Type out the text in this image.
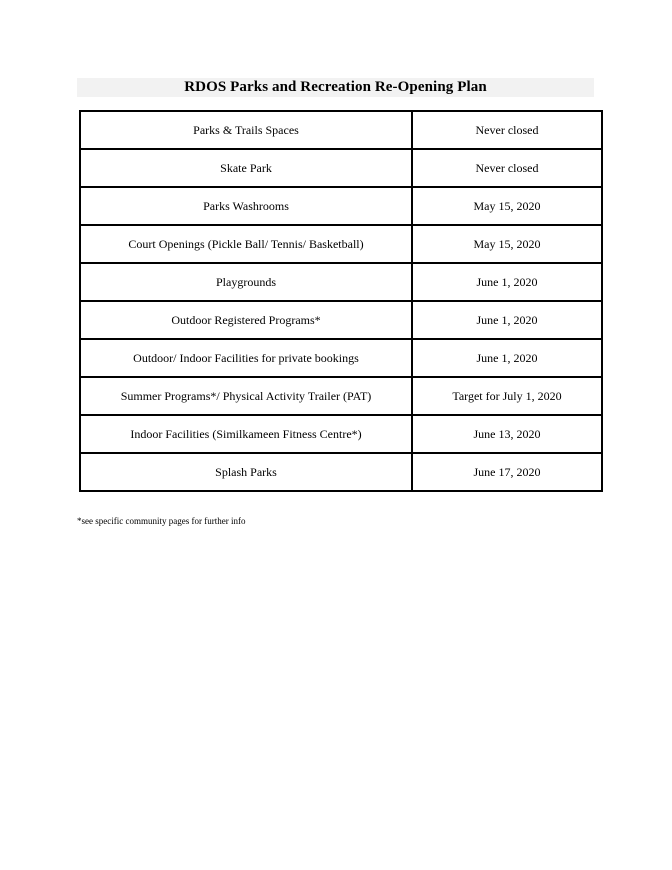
RDOS Parks and Recreation Re-Opening Plan
Parks & Trails Spaces	Never closed
Skate Park	Never closed
Parks Washrooms	May 15, 2020
Court Openings (Pickle Ball/ Tennis/ Basketball)	May 15, 2020
Playgrounds	June 1, 2020
Outdoor Registered Programs*	June 1, 2020
Outdoor/ Indoor Facilities for private bookings	June 1, 2020
Summer Programs*/ Physical Activity Trailer (PAT)	Target for July 1, 2020
Indoor Facilities (Similkameen Fitness Centre*)	June 13, 2020
Splash Parks	June 17, 2020
*see specific community pages for further info
